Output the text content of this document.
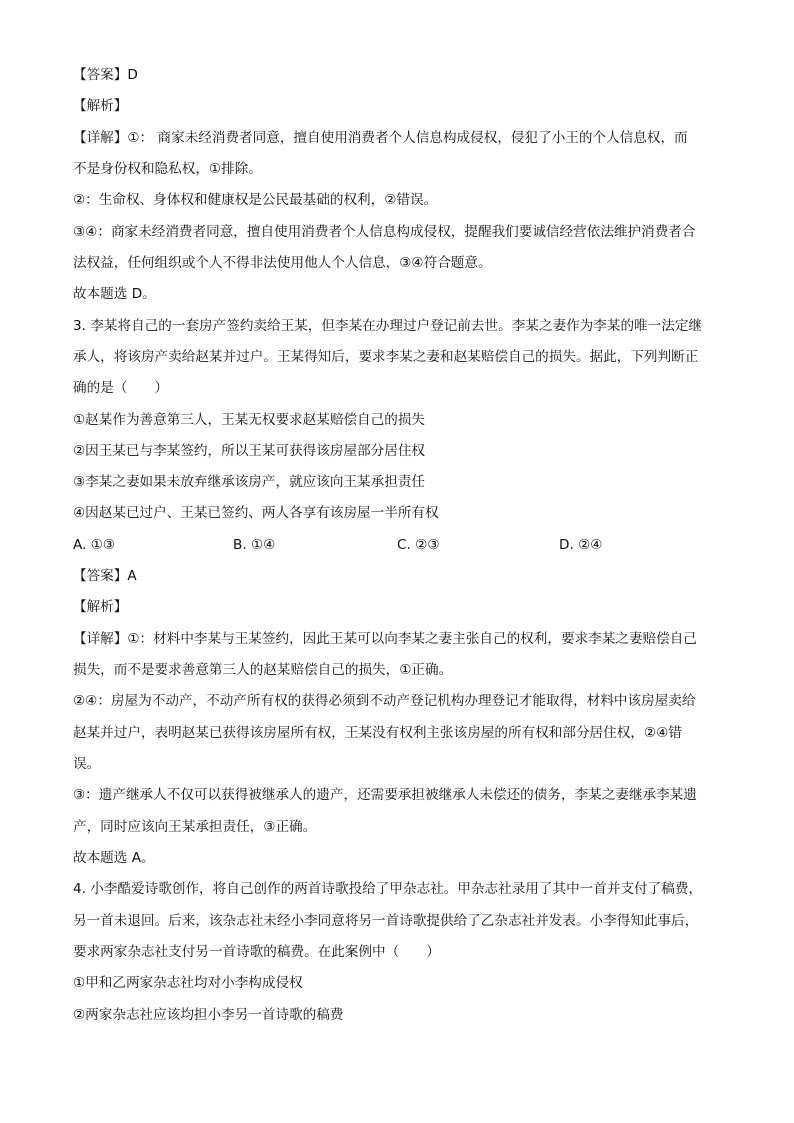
【答案】D
【解析】
【详解】①： 商家未经消费者同意，擅自使用消费者个人信息构成侵权，侵犯了小王的个人信息权，而
不是身份权和隐私权，①排除。
②：生命权、身体权和健康权是公民最基础的权利，②错误。
③④：商家未经消费者同意，擅自使用消费者个人信息构成侵权，提醒我们要诚信经营依法维护消费者合
法权益，任何组织或个人不得非法使用他人个人信息，③④符合题意。
故本题选 D。
3. 李某将自己的一套房产签约卖给王某，但李某在办理过户登记前去世。李某之妻作为李某的唯一法定继
承人，将该房产卖给赵某并过户。王某得知后，要求李某之妻和赵某赔偿自己的损失。据此，下列判断正
确的是（　　）
①赵某作为善意第三人，王某无权要求赵某赔偿自己的损失
②因王某已与李某签约，所以王某可获得该房屋部分居住权
③李某之妻如果未放弃继承该房产，就应该向王某承担责任
④因赵某已过户、王某已签约、两人各享有该房屋一半所有权
A. ①③	B. ①④	C. ②③	D. ②④
【答案】A
【解析】
【详解】①：材料中李某与王某签约，因此王某可以向李某之妻主张自己的权利，要求李某之妻赔偿自己
损失，而不是要求善意第三人的赵某赔偿自己的损失，①正确。
②④：房屋为不动产，不动产所有权的获得必须到不动产登记机构办理登记才能取得，材料中该房屋卖给
赵某并过户，表明赵某已获得该房屋所有权，王某没有权利主张该房屋的所有权和部分居住权，②④错
误。
③：遗产继承人不仅可以获得被继承人的遗产，还需要承担被继承人未偿还的债务，李某之妻继承李某遗
产，同时应该向王某承担责任，③正确。
故本题选 A。
4. 小李酷爱诗歌创作，将自己创作的两首诗歌投给了甲杂志社。甲杂志社录用了其中一首并支付了稿费，
另一首未退回。后来，该杂志社未经小李同意将另一首诗歌提供给了乙杂志社并发表。小李得知此事后，
要求两家杂志社支付另一首诗歌的稿费。在此案例中（　　）
①甲和乙两家杂志社均对小李构成侵权
②两家杂志社应该均担小李另一首诗歌的稿费
